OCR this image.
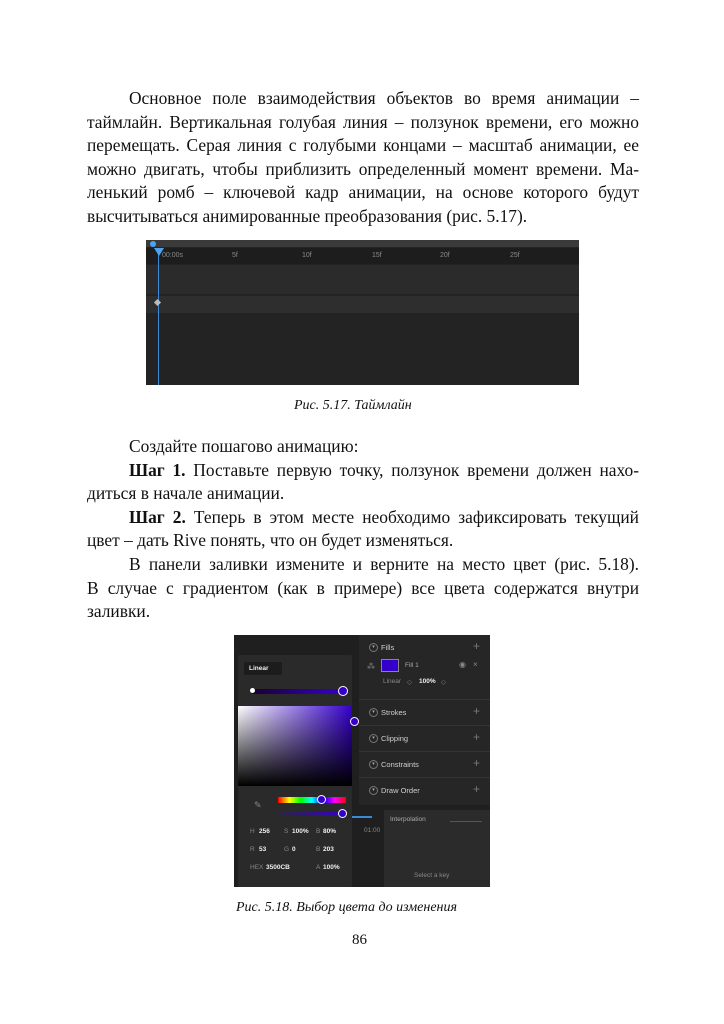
Основное поле взаимодействия объектов во время анимации –
таймлайн. Вертикальная голубая линия – ползунок времени, его можно
перемещать. Серая линия с голубыми концами – масштаб анимации, ее
можно двигать, чтобы приблизить определенный момент времени. Ма-
ленький ромб – ключевой кадр анимации, на основе которого будут
высчитываться анимированные преобразования (рис. 5.17).
00:00s	5f	10f	15f	20f	25f
Рис. 5.17. Таймлайн
Создайте пошагово анимацию:
Шаг 1. Поставьте первую точку, ползунок времени должен нахо-
диться в начале анимации.
Шаг 2. Теперь в этом месте необходимо зафиксировать текущий
цвет – дать Rive понять, что он будет изменяться.
В панели заливки измените и верните на место цвет (рис. 5.18).
В случае с градиентом (как в примере) все цвета содержатся внутри
заливки.
▾ Fills	+
⁂	Fill 1	◉ ×
Linear ◇ 100% ◇
▾ Strokes	+
▾ Clipping	+
▾ Constraints	+
▾ Draw Order	+
Interpolation
Select a key
01:00
Linear
✎
H 256 S 100% B 80%
R 53	G 0	B 203
HEX 3500CB	A 100%
Рис. 5.18. Выбор цвета до изменения
86
